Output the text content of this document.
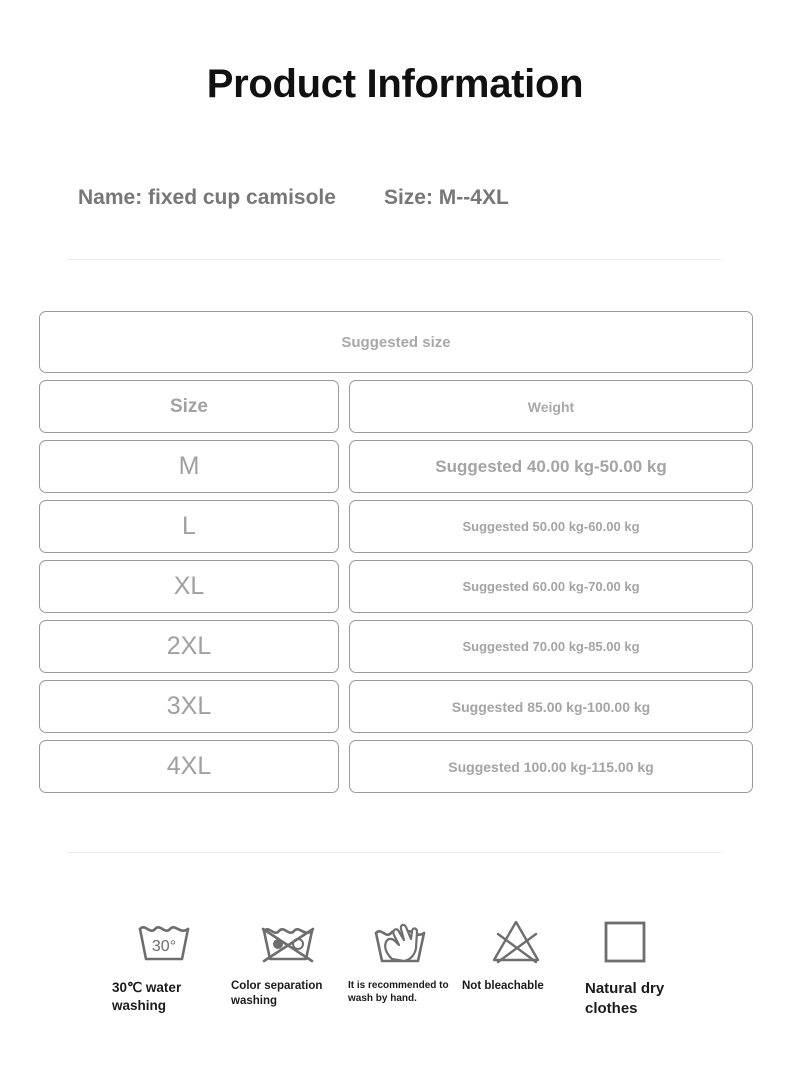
Product Information
Name: fixed cup camisole Size: M--4XL
Suggested size
Size	Weight
M	Suggested 40.00 kg-50.00 kg
L	Suggested 50.00 kg-60.00 kg
XL	Suggested 60.00 kg-70.00 kg
2XL	Suggested 70.00 kg-85.00 kg
3XL	Suggested 85.00 kg-100.00 kg
4XL	Suggested 100.00 kg-115.00 kg
30°
30℃ water
washing
Color separation
washing
It is recommended to
wash by hand.
Not bleachable	Natural dry
clothes
